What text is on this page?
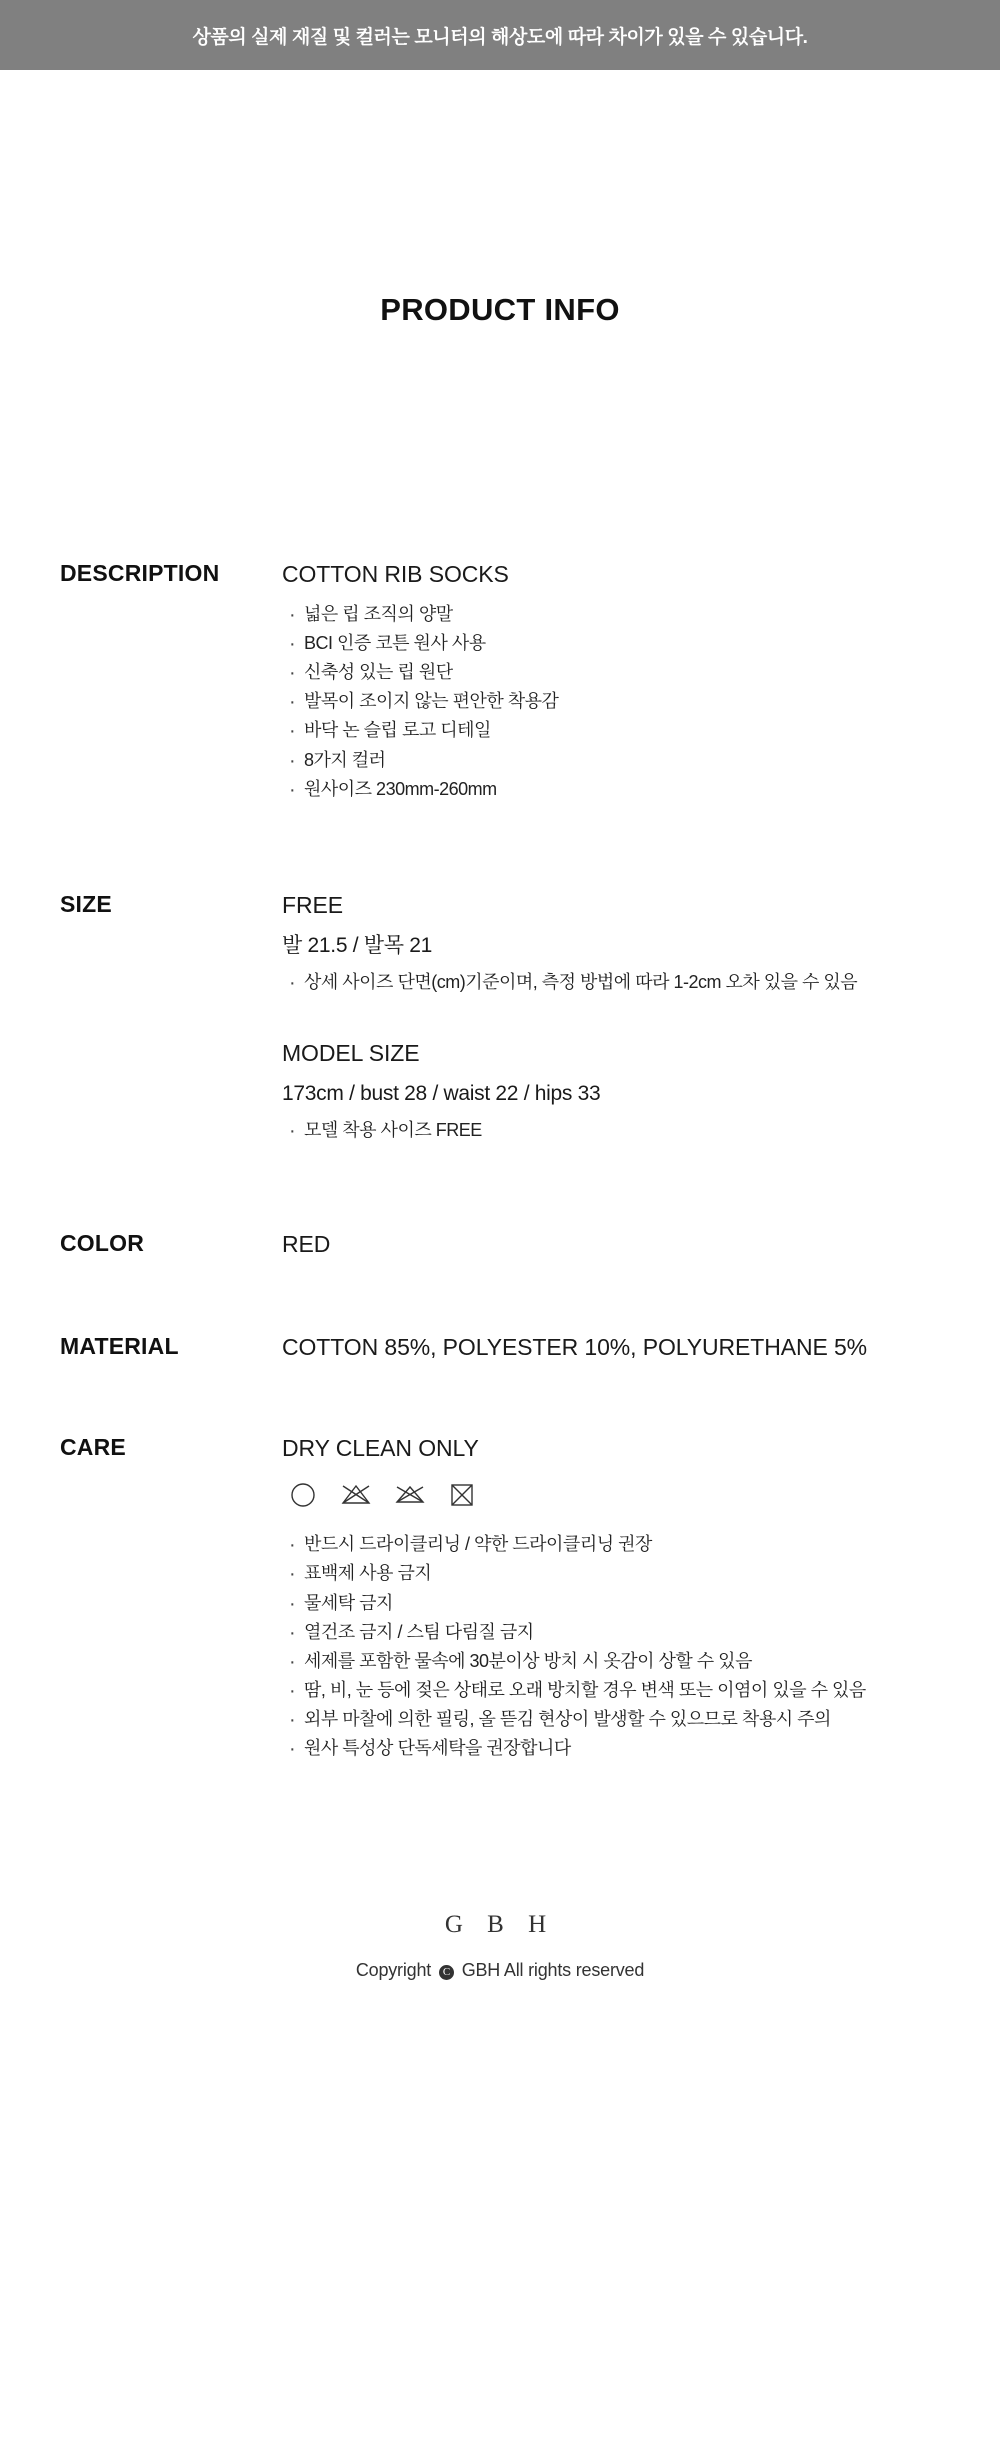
상품의 실제 재질 및 컬러는 모니터의 해상도에 따라 차이가 있을 수 있습니다.
PRODUCT INFO
DESCRIPTION	COTTON RIB SOCKS

· 넓은 립 조직의 양말
· BCI 인증 코튼 원사 사용
· 신축성 있는 립 원단
· 발목이 조이지 않는 편안한 착용감
· 바닥 논 슬립 로고 디테일
· 8가지 컬러
· 원사이즈 230mm-260mm
SIZE	FREE

발 21.5 / 발목 21

· 상세 사이즈 단면(cm)기준이며, 측정 방법에 따라 1-2cm 오차 있을 수 있음

MODEL SIZE

173cm / bust 28 / waist 22 / hips 33

· 모델 착용 사이즈 FREE
COLOR	RED

MATERIAL	COTTON 85%, POLYESTER 10%, POLYURETHANE 5%

CARE	DRY CLEAN ONLY

· 반드시 드라이클리닝 / 약한 드라이클리닝 권장
· 표백제 사용 금지
· 물세탁 금지
· 열건조 금지 / 스팀 다림질 금지
· 세제를 포함한 물속에 30분이상 방치 시 옷감이 상할 수 있음
· 땀, 비, 눈 등에 젖은 상태로 오래 방치할 경우 변색 또는 이염이 있을 수 있음
· 외부 마찰에 의한 필링, 올 뜯김 현상이 발생할 수 있으므로 착용시 주의
· 원사 특성상 단독세탁을 권장합니다
G B H
Copyright C GBH All rights reserved
